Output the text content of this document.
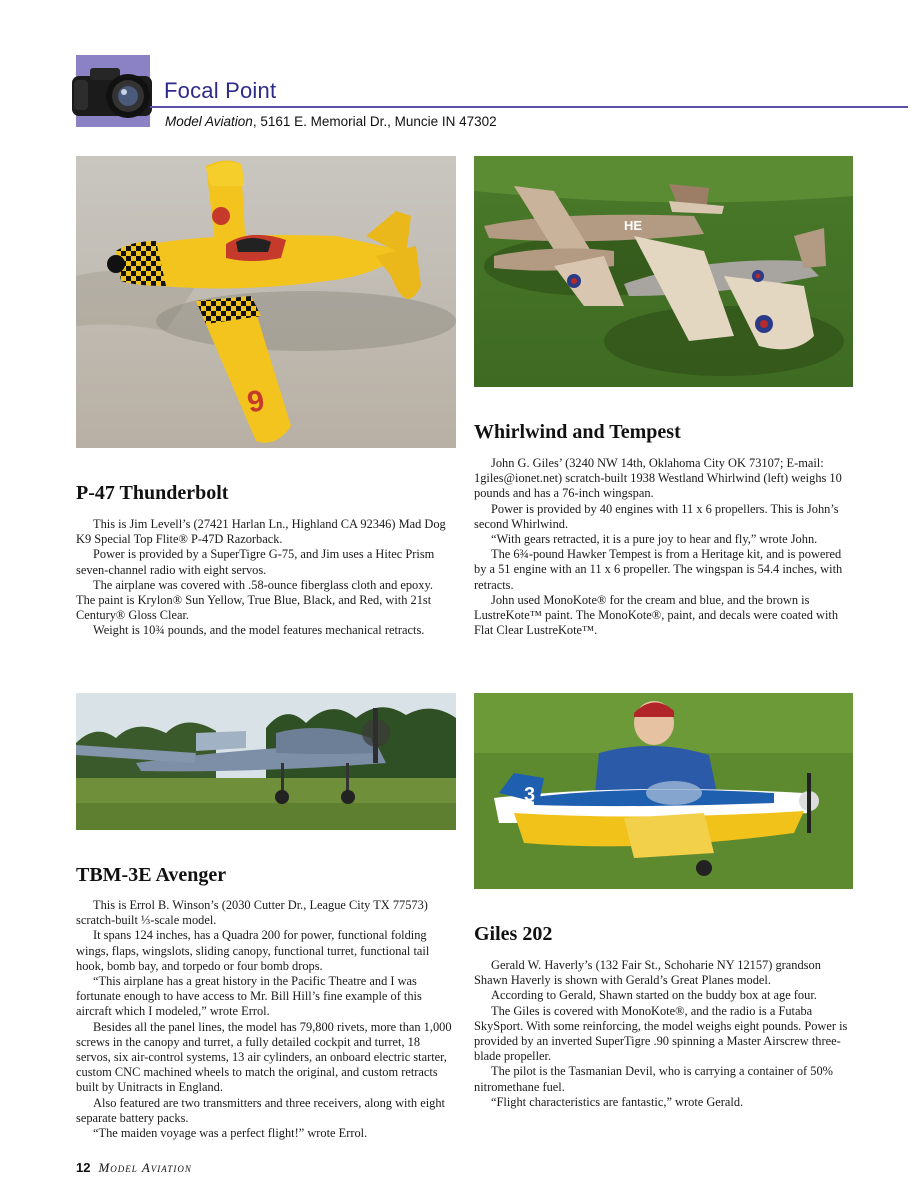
Focal Point
Model Aviation, 5161 E. Memorial Dr., Muncie IN 47302
6
HE
3
P-47 Thunderbolt
Whirlwind and Tempest
TBM-3E Avenger
Giles 202

This is Jim Levell’s (27421 Harlan Ln., Highland CA 92346) Mad Dog K9 Special Top Flite® P-47D Razorback.

Power is provided by a SuperTigre G-75, and Jim uses a Hitec Prism seven-channel radio with eight servos.

The airplane was covered with .58-ounce fiberglass cloth and epoxy. The paint is Krylon® Sun Yellow, True Blue, Black, and Red, with 21st Century® Gloss Clear.

Weight is 10¾ pounds, and the model features mechanical retracts.

John G. Giles’ (3240 NW 14th, Oklahoma City OK 73107; E-mail: 1giles@ionet.net) scratch-built 1938 Westland Whirlwind (left) weighs 10 pounds and has a 76-inch wingspan.

Power is provided by 40 engines with 11 x 6 propellers. This is John’s second Whirlwind.

“With gears retracted, it is a pure joy to hear and fly,” wrote John.

The 6¾-pound Hawker Tempest is from a Heritage kit, and is powered by a 51 engine with an 11 x 6 propeller. The wingspan is 54.4 inches, with retracts.

John used MonoKote® for the cream and blue, and the brown is LustreKote™ paint. The MonoKote®, paint, and decals were coated with Flat Clear LustreKote™.

This is Errol B. Winson’s (2030 Cutter Dr., League City TX 77573) scratch-built ⅓-scale model.

It spans 124 inches, has a Quadra 200 for power, functional folding wings, flaps, wingslots, sliding canopy, functional turret, functional tail hook, bomb bay, and torpedo or four bomb drops.

“This airplane has a great history in the Pacific Theatre and I was fortunate enough to have access to Mr. Bill Hill’s fine example of this aircraft which I modeled,” wrote Errol.

Besides all the panel lines, the model has 79,800 rivets, more than 1,000 screws in the canopy and turret, a fully detailed cockpit and turret, 18 servos, six air-control systems, 13 air cylinders, an onboard electric starter, custom CNC machined wheels to match the original, and custom retracts built by Unitracts in England.

Also featured are two transmitters and three receivers, along with eight separate battery packs.

“The maiden voyage was a perfect flight!” wrote Errol.

Gerald W. Haverly’s (132 Fair St., Schoharie NY 12157) grandson Shawn Haverly is shown with Gerald’s Great Planes model.

According to Gerald, Shawn started on the buddy box at age four.

The Giles is covered with MonoKote®, and the radio is a Futaba SkySport. With some reinforcing, the model weighs eight pounds. Power is provided by an inverted SuperTigre .90 spinning a Master Airscrew three-blade propeller.

The pilot is the Tasmanian Devil, who is carrying a container of 50% nitromethane fuel.

“Flight characteristics are fantastic,” wrote Gerald.

12 Model Aviation
